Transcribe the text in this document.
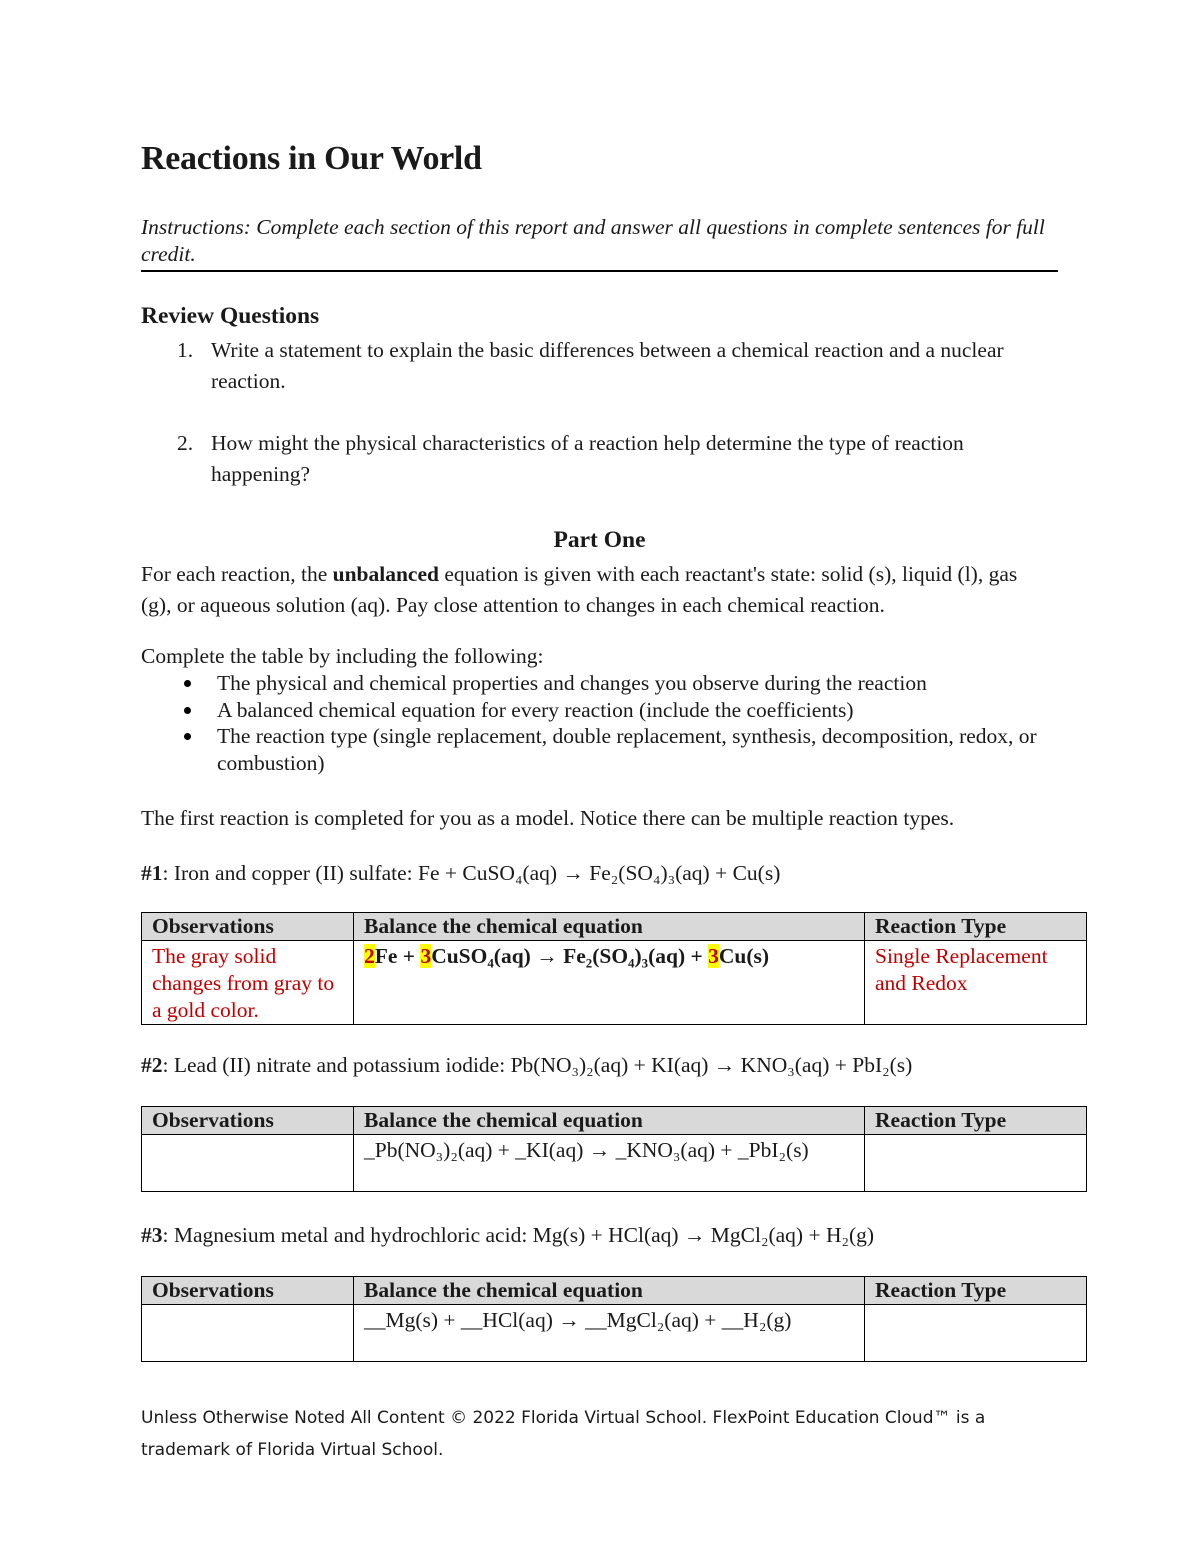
Reactions in Our World
Instructions: Complete each section of this report and answer all questions in complete sentences for full credit.
Review Questions
1. Write a statement to explain the basic differences between a chemical reaction and a nuclear reaction.
2. How might the physical characteristics of a reaction help determine the type of reaction happening?
Part One

For each reaction, the unbalanced equation is given with each reactant's state: solid (s), liquid (l), gas (g), or aqueous solution (aq). Pay close attention to changes in each chemical reaction.

Complete the table by including the following:

The physical and chemical properties and changes you observe during the reaction
A balanced chemical equation for every reaction (include the coefficients)
The reaction type (single replacement, double replacement, synthesis, decomposition, redox, or combustion)

The first reaction is completed for you as a model. Notice there can be multiple reaction types.

#1: Iron and copper (II) sulfate: Fe + CuSO₄(aq) → Fe₂(SO₄)₃(aq) + Cu(s)

Observations	Balance the chemical equation	Reaction Type
The gray solid changes from gray to a gold color.	2Fe + 3CuSO₄(aq) → Fe₂(SO₄)₃(aq) + 3Cu(s)	Single Replacement and Redox

#2: Lead (II) nitrate and potassium iodide: Pb(NO₃)₂(aq) + KI(aq) → KNO₃(aq) + PbI₂(s)

Observations	Balance the chemical equation	Reaction Type
	_Pb(NO₃)₂(aq) + _KI(aq) → _KNO₃(aq) + _PbI₂(s)	

#3: Magnesium metal and hydrochloric acid: Mg(s) + HCl(aq) → MgCl₂(aq) + H₂(g)

Observations	Balance the chemical equation	Reaction Type
	__Mg(s) + __HCl(aq) → __MgCl₂(aq) + __H₂(g)	

Unless Otherwise Noted All Content © 2022 Florida Virtual School. FlexPoint Education Cloud™ is a trademark of Florida Virtual School.
